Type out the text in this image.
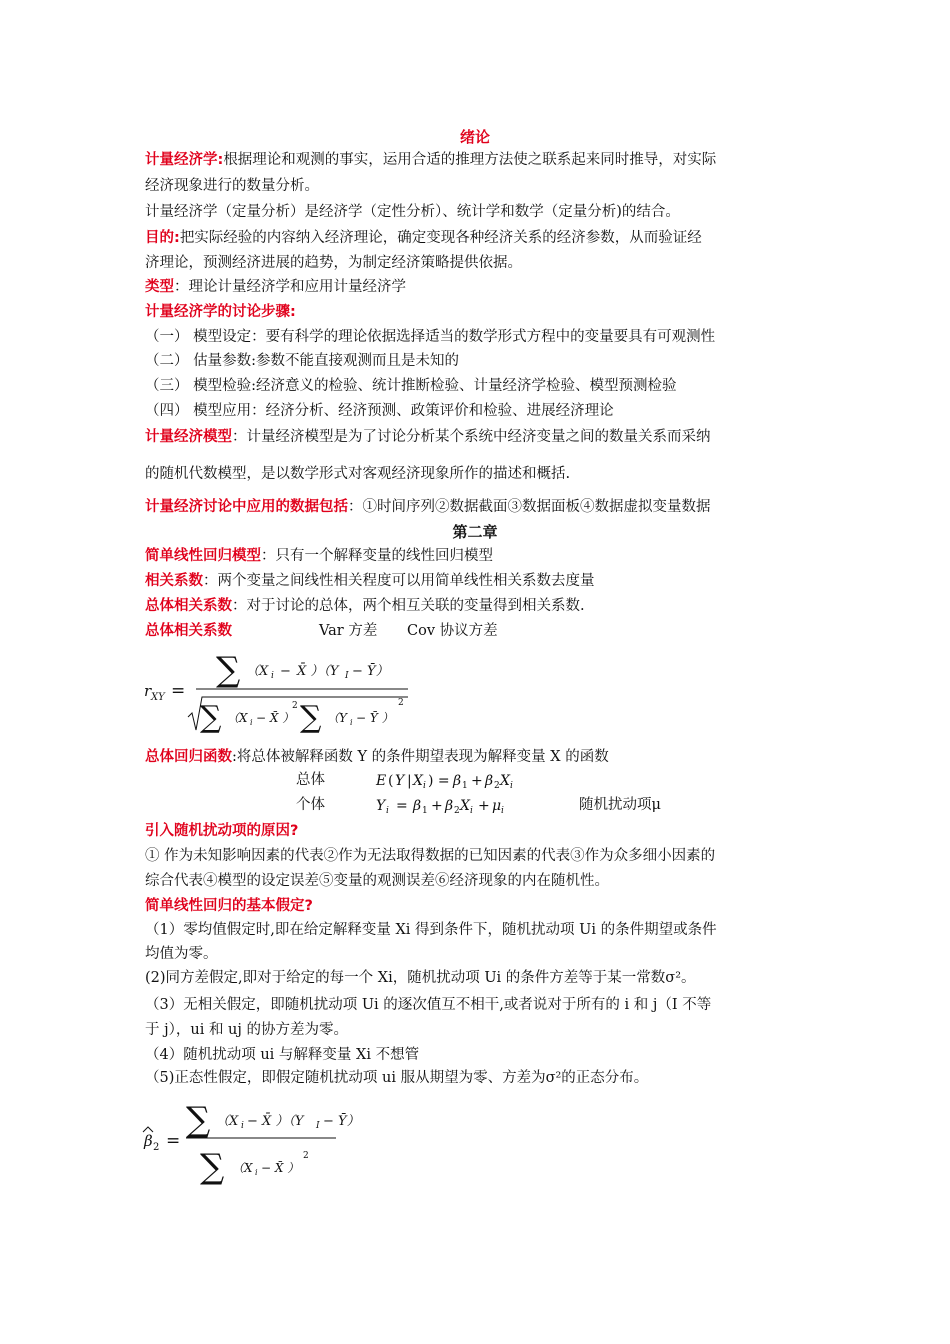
绪论
计量经济学:根据理论和观测的事实，运用合适的推理方法使之联系起来同时推导，对实际
经济现象进行的数量分析。
计量经济学（定量分析）是经济学（定性分析）、统计学和数学（定量分析)的结合。
目的:把实际经验的内容纳入经济理论，确定变现各种经济关系的经济参数，从而验证经
济理论，预测经济进展的趋势，为制定经济策略提供依据。
类型：理论计量经济学和应用计量经济学
计量经济学的讨论步骤:
（一） 模型设定：要有科学的理论依据选择适当的数学形式方程中的变量要具有可观测性
（二） 估量参数:参数不能直接观测而且是未知的
（三） 模型检验:经济意义的检验、统计推断检验、计量经济学检验、模型预测检验
（四） 模型应用：经济分析、经济预测、政策评价和检验、进展经济理论
计量经济模型：计量经济模型是为了讨论分析某个系统中经济变量之间的数量关系而采纳
的随机代数模型，是以数学形式对客观经济现象所作的描述和概括.
计量经济讨论中应用的数据包括：①时间序列②数据截面③数据面板④数据虚拟变量数据
第二章
简单线性回归模型：只有一个解释变量的线性回归模型
相关系数：两个变量之间线性相关程度可以用简单线性相关系数去度量
总体相关系数：对于讨论的总体，两个相互关联的变量得到相关系数.
总体相关系数	Var 方差 Cov 协议方差
r XY =
∑ （X i − X̄ ）（Y I − Ȳ）
∑ （X i − X̄ ）
2 ∑ （Y i − Ȳ ）
2
总体回归函数:将总体被解释函数 Y 的条件期望表现为解释变量 X 的函数
总体	E ( Y | X i ) = β 1 + β 2 X i
个体	Y i = β 1 + β 2 X i + μ i	随机扰动项μ
引入随机扰动项的原因?
① 作为未知影响因素的代表②作为无法取得数据的已知因素的代表③作为众多细小因素的
综合代表④模型的设定误差⑤变量的观测误差⑥经济现象的内在随机性。
简单线性回归的基本假定?
（1）零均值假定时,即在给定解释变量 Xi 得到条件下，随机扰动项 Ui 的条件期望或条件
均值为零。
(2)同方差假定,即对于给定的每一个 Xi，随机扰动项 Ui 的条件方差等于某一常数σ²。
（3）无相关假定，即随机扰动项 Ui 的逐次值互不相干,或者说对于所有的 i 和 j（I 不等
于 j），ui 和 uj 的协方差为零。
（4）随机扰动项 ui 与解释变量 Xi 不想管
（5)正态性假定，即假定随机扰动项 ui 服从期望为零、方差为σ²的正态分布。
β 2 =
∑ （X i − X̄ ）（Y I − Ȳ）
∑ （X i − X̄ ）
2
